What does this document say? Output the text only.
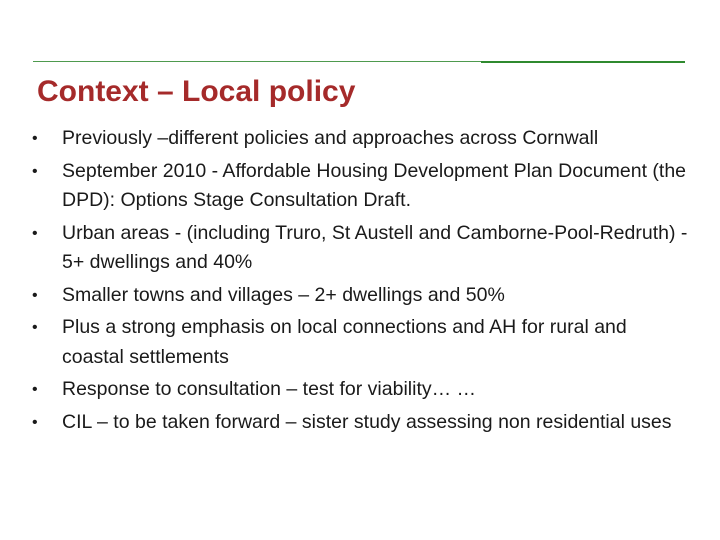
Context – Local policy
• Previously –different policies and approaches across Cornwall
• September 2010 - Affordable Housing Development Plan Document (the DPD): Options Stage Consultation Draft.
• Urban areas - (including Truro, St Austell and Camborne-Pool-Redruth) - 5+ dwellings and 40%
• Smaller towns and villages – 2+ dwellings and 50%
• Plus a strong emphasis on local connections and AH for rural and coastal settlements
• Response to consultation – test for viability… …
• CIL – to be taken forward – sister study assessing non residential uses
